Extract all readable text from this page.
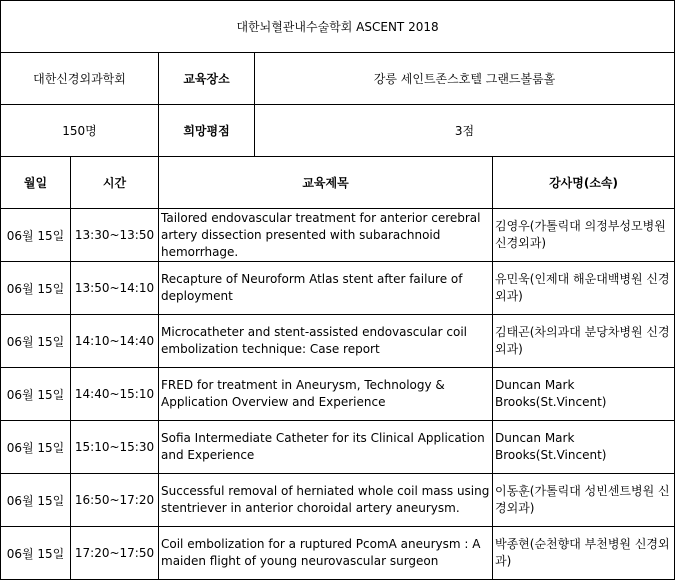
대한뇌혈관내수술학회 ASCENT 2018				
대한신경외과학회		교육장소	강릉 세인트존스호텔 그랜드볼룸홀	
150명		희망평점	3점	
월일	시간	교육제목		강사명(소속)
06월 15일	13:30~13:50	Tailored endovascular treatment for anterior cerebral artery dissection presented with subarachnoid hemorrhage.		김영우(가톨릭대 의정부성모병원 신경외과)
06월 15일	13:50~14:10	Recapture of Neuroform Atlas stent after failure of deployment		유민욱(인제대 해운대백병원 신경외과)
06월 15일	14:10~14:40	Microcatheter and stent-assisted endovascular coil embolization technique: Case report		김태곤(차의과대 분당차병원 신경외과)
06월 15일	14:40~15:10	FRED for treatment in Aneurysm, Technology & Application Overview and Experience		Duncan Mark Brooks(St.Vincent)
06월 15일	15:10~15:30	Sofia Intermediate Catheter for its Clinical Application and Experience		Duncan Mark Brooks(St.Vincent)
06월 15일	16:50~17:20	Successful removal of herniated whole coil mass using stentriever in anterior choroidal artery aneurysm.		이동훈(가톨릭대 성빈센트병원 신경외과)
06월 15일	17:20~17:50	Coil embolization for a ruptured PcomA aneurysm : A maiden flight of young neurovascular surgeon		박종현(순천향대 부천병원 신경외과)
